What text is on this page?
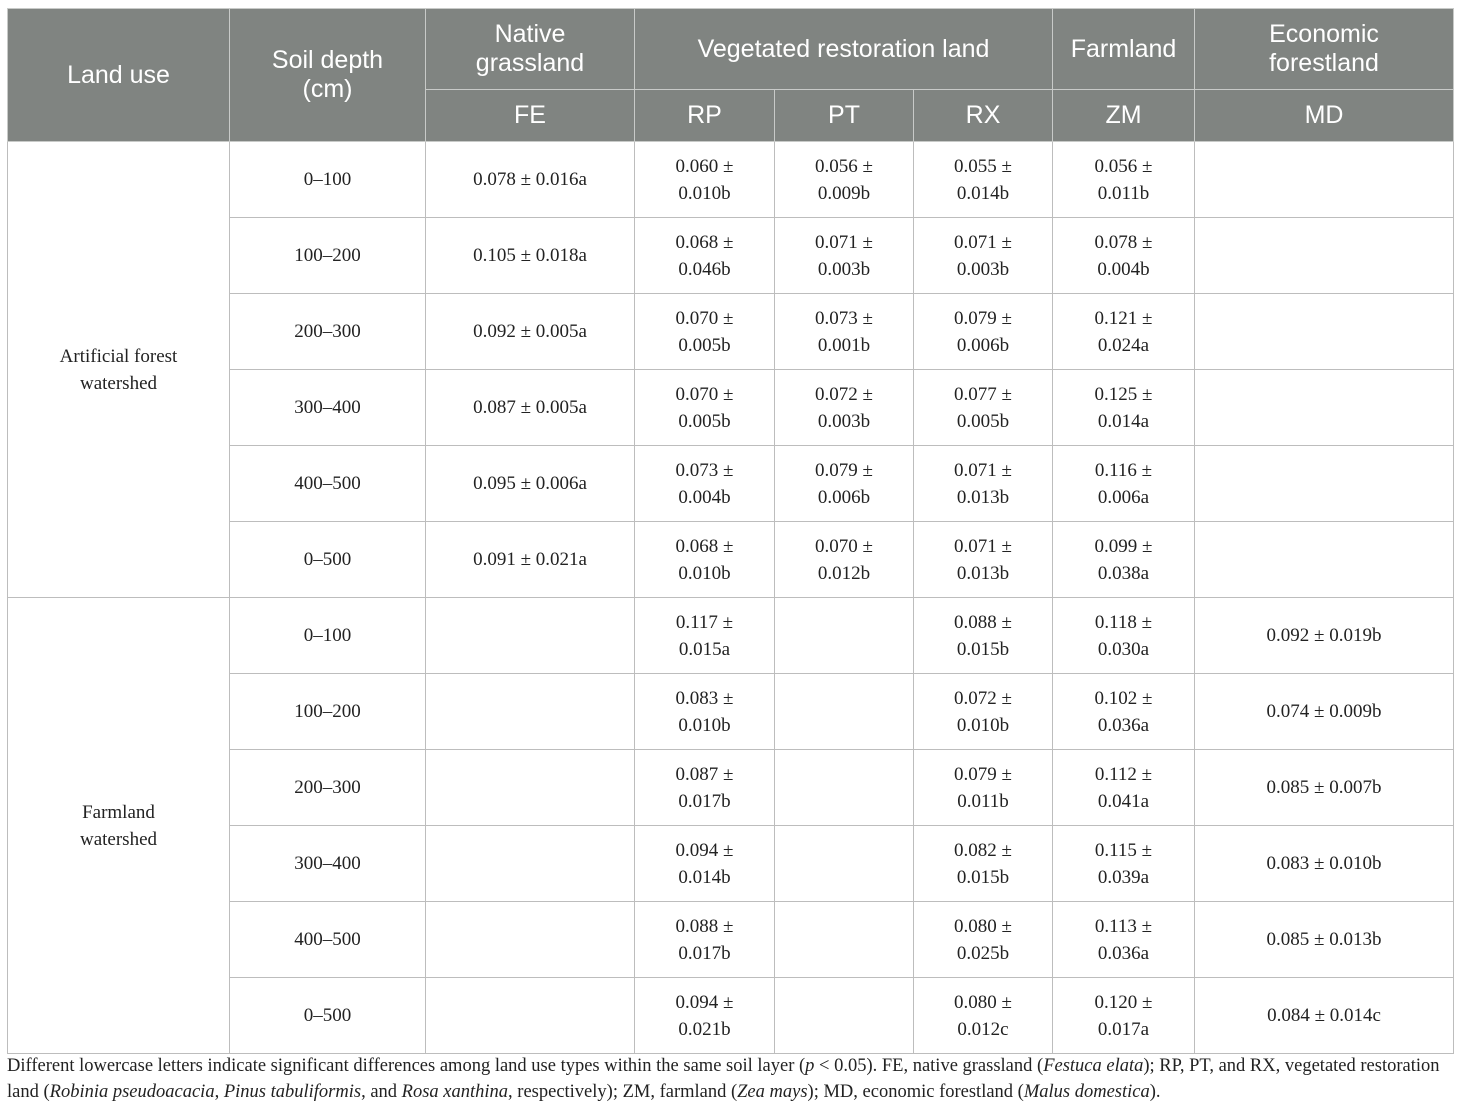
Land use	Soil depth (cm)	Native grassland	Vegetated restoration land			Farmland	Economic forestland

		FE	RP	PT	RX	ZM	MD

Artificial forest watershed	0–100	0.078 ± 0.016a	0.060 ±
0.010b	0.056 ±
0.009b	0.055 ±
0.014b	0.056 ±
0.011b	

	100–200	0.105 ± 0.018a	0.068 ±
0.046b	0.071 ±
0.003b	0.071 ±
0.003b	0.078 ±
0.004b	

	200–300	0.092 ± 0.005a	0.070 ±
0.005b	0.073 ±
0.001b	0.079 ±
0.006b	0.121 ±
0.024a	

	300–400	0.087 ± 0.005a	0.070 ±
0.005b	0.072 ±
0.003b	0.077 ±
0.005b	0.125 ±
0.014a	

	400–500	0.095 ± 0.006a	0.073 ±
0.004b	0.079 ±
0.006b	0.071 ±
0.013b	0.116 ±
0.006a	

	0–500	0.091 ± 0.021a	0.068 ±
0.010b	0.070 ±
0.012b	0.071 ±
0.013b	0.099 ±
0.038a	

Farmland watershed	0–100		0.117 ±
0.015a		0.088 ±
0.015b	0.118 ±
0.030a	0.092 ± 0.019b
	100–200		0.083 ±
0.010b		0.072 ±
0.010b	0.102 ±
0.036a	0.074 ± 0.009b
	200–300		0.087 ±
0.017b		0.079 ±
0.011b	0.112 ±
0.041a	0.085 ± 0.007b
	300–400		0.094 ±
0.014b		0.082 ±
0.015b	0.115 ±
0.039a	0.083 ± 0.010b
	400–500		0.088 ±
0.017b		0.080 ±
0.025b	0.113 ±
0.036a	0.085 ± 0.013b
	0–500		0.094 ±
0.021b		0.080 ±
0.012c	0.120 ±
0.017a	0.084 ± 0.014c
Different lowercase letters indicate significant differences among land use types within the same soil layer (p < 0.05). FE, native grassland (Festuca elata); RP, PT, and RX, vegetated restoration land (Robinia pseudoacacia, Pinus tabuliformis, and Rosa xanthina, respectively); ZM, farmland (Zea mays); MD, economic forestland (Malus domestica).
